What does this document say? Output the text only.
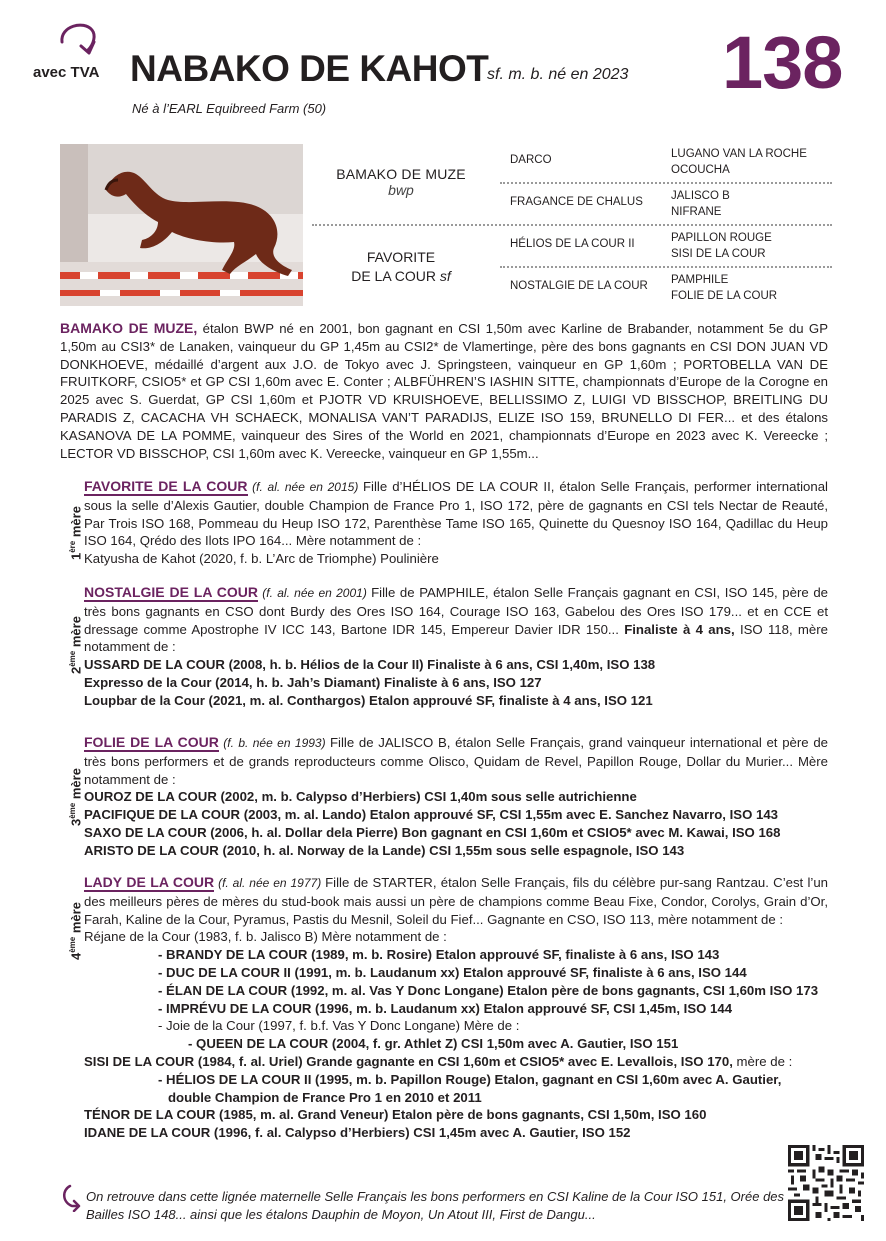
avec TVA NABAKO DE KAHOT
sf. m. b. né en 2023
Né à l’EARL Equibreed Farm (50)
138
BAMAKO DE MUZE
bwp
FAVORITE
DE LA COUR sf
DARCO
FRAGANCE DE CHALUS
HÉLIOS DE LA COUR II
NOSTALGIE DE LA COUR
LUGANO VAN LA ROCHE
OCOUCHA
JALISCO B
NIFRANE
PAPILLON ROUGE
SISI DE LA COUR
PAMPHILE
FOLIE DE LA COUR
BAMAKO DE MUZE, étalon BWP né en 2001, bon gagnant en CSI 1,50m avec Karline de Brabander, notamment 5e du GP 1,50m au CSI3* de Lanaken, vainqueur du GP 1,45m au CSI2* de Vlamertinge, père des bons gagnants en CSI DON JUAN VD DONKHOEVE, médaillé d’argent aux J.O. de Tokyo avec J. Springsteen, vainqueur en GP 1,60m ; PORTOBELLA VAN DE FRUITKORF, CSIO5* et GP CSI 1,60m avec E. Conter ; ALBFÜHREN’S IASHIN SITTE, championnats d’Europe de la Corogne en 2025 avec S. Guerdat, GP CSI 1,60m et PJOTR VD KRUISHOEVE, BELLISSIMO Z, LUIGI VD BISSCHOP, BREITLING DU PARADIS Z, CACACHA VH SCHAECK, MONALISA VAN’T PARADIJS, ELIZE ISO 159, BRUNELLO DI FER... et des étalons KASANOVA DE LA POMME, vainqueur des Sires of the World en 2021, championnats d’Europe en 2023 avec K. Vereecke ; LECTOR VD BISSCHOP, CSI 1,60m avec K. Vereecke, vainqueur en GP 1,55m...
1ère mère
FAVORITE DE LA COUR (f. al. née en 2015) Fille d’HÉLIOS DE LA COUR II, étalon Selle Français, performer international sous la selle d’Alexis Gautier, double Champion de France Pro 1, ISO 172, père de gagnants en CSI tels Nectar de Reauté, Par Trois ISO 168, Pommeau du Heup ISO 172, Parenthèse Tame ISO 165, Quinette du Quesnoy ISO 164, Qadillac du Heup ISO 164, Qrédo des Ilots IPO 164... Mère notamment de :
Katyusha de Kahot (2020, f. b. L’Arc de Triomphe) Poulinière
2ème mère
NOSTALGIE DE LA COUR (f. al. née en 2001) Fille de PAMPHILE, étalon Selle Français gagnant en CSI, ISO 145, père de très bons gagnants en CSO dont Burdy des Ores ISO 164, Courage ISO 163, Gabelou des Ores ISO 179... et en CCE et dressage comme Apostrophe IV ICC 143, Bartone IDR 145, Empereur Davier IDR 150... Finaliste à 4 ans, ISO 118, mère notamment de :
USSARD DE LA COUR (2008, h. b. Hélios de la Cour II) Finaliste à 6 ans, CSI 1,40m, ISO 138
Expresso de la Cour (2014, h. b. Jah’s Diamant) Finaliste à 6 ans, ISO 127
Loupbar de la Cour (2021, m. al. Conthargos) Etalon approuvé SF, finaliste à 4 ans, ISO 121
3ème mère
FOLIE DE LA COUR (f. b. née en 1993) Fille de JALISCO B, étalon Selle Français, grand vainqueur international et père de très bons performers et de grands reproducteurs comme Olisco, Quidam de Revel, Papillon Rouge, Dollar du Murier... Mère notamment de :
OUROZ DE LA COUR (2002, m. b. Calypso d’Herbiers) CSI 1,40m sous selle autrichienne
PACIFIQUE DE LA COUR (2003, m. al. Lando) Etalon approuvé SF, CSI 1,55m avec E. Sanchez Navarro, ISO 143
SAXO DE LA COUR (2006, h. al. Dollar dela Pierre) Bon gagnant en CSI 1,60m et CSIO5* avec M. Kawai, ISO 168
ARISTO DE LA COUR (2010, h. al. Norway de la Lande) CSI 1,55m sous selle espagnole, ISO 143
4ème mère
LADY DE LA COUR (f. al. née en 1977) Fille de STARTER, étalon Selle Français, fils du célèbre pur-sang Rantzau. C’est l’un des meilleurs pères de mères du stud-book mais aussi un père de champions comme Beau Fixe, Condor, Corolys, Grain d’Or, Farah, Kaline de la Cour, Pyramus, Pastis du Mesnil, Soleil du Fief... Gagnante en CSO, ISO 113, mère notamment de :
Réjane de la Cour (1983, f. b. Jalisco B) Mère notamment de :
- BRANDY DE LA COUR (1989, m. b. Rosire) Etalon approuvé SF, finaliste à 6 ans, ISO 143
- DUC DE LA COUR II (1991, m. b. Laudanum xx) Etalon approuvé SF, finaliste à 6 ans, ISO 144
- ÉLAN DE LA COUR (1992, m. al. Vas Y Donc Longane) Etalon père de bons gagnants, CSI 1,60m ISO 173
- IMPRÉVU DE LA COUR (1996, m. b. Laudanum xx) Etalon approuvé SF, CSI 1,45m, ISO 144
- Joie de la Cour (1997, f. b.f. Vas Y Donc Longane) Mère de :
- QUEEN DE LA COUR (2004, f. gr. Athlet Z) CSI 1,50m avec A. Gautier, ISO 151
SISI DE LA COUR (1984, f. al. Uriel) Grande gagnante en CSI 1,60m et CSIO5* avec E. Levallois, ISO 170, mère de :
- HÉLIOS DE LA COUR II (1995, m. b. Papillon Rouge) Etalon, gagnant en CSI 1,60m avec A. Gautier,
double Champion de France Pro 1 en 2010 et 2011
TÉNOR DE LA COUR (1985, m. al. Grand Veneur) Etalon père de bons gagnants, CSI 1,50m, ISO 160
IDANE DE LA COUR (1996, f. al. Calypso d’Herbiers) CSI 1,45m avec A. Gautier, ISO 152
On retrouve dans cette lignée maternelle Selle Français les bons performers en CSI Kaline de la Cour ISO 151, Orée des Bailles ISO 148... ainsi que les étalons Dauphin de Moyon, Un Atout III, First de Dangu...
